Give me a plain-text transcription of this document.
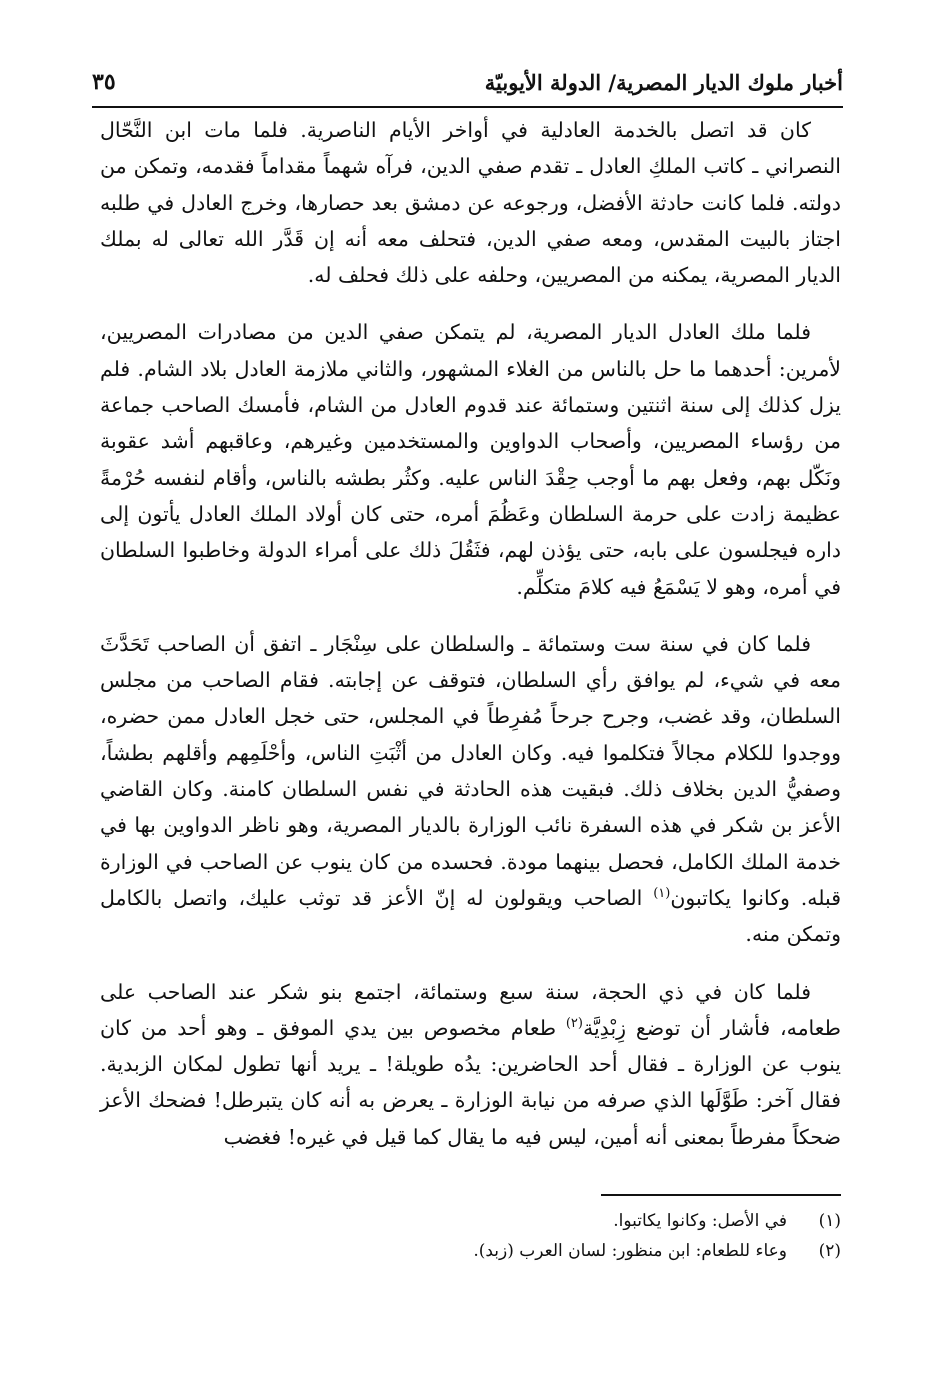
أخبار ملوك الديار المصرية/ الدولة الأيوبيّة
٣٥

كان قد اتصل بالخدمة العادلية في أواخر الأيام الناصرية. فلما مات ابن النَّحّال النصراني ـ كاتب الملكِ العادل ـ تقدم صفي الدين، فرآه شهماً مقداماً فقدمه، وتمكن من دولته. فلما كانت حادثة الأفضل، ورجوعه عن دمشق بعد حصارها، وخرج العادل في طلبه اجتاز بالبيت المقدس، ومعه صفي الدين، فتحلف معه أنه إن قَدَّر الله تعالى له بملك الديار المصرية، يمكنه من المصريين، وحلفه على ذلك فحلف له.

فلما ملك العادل الديار المصرية، لم يتمكن صفي الدين من مصادرات المصريين، لأمرين: أحدهما ما حل بالناس من الغلاء المشهور، والثاني ملازمة العادل بلاد الشام. فلم يزل كذلك إلى سنة اثنتين وستمائة عند قدوم العادل من الشام، فأمسك الصاحب جماعة من رؤساء المصريين، وأصحاب الدواوين والمستخدمين وغيرهم، وعاقبهم أشد عقوبة ونَكّل بهم، وفعل بهم ما أوجب حِقْدَ الناس عليه. وكثُر بطشه بالناس، وأقام لنفسه حُرْمةً عظيمة زادت على حرمة السلطان وعَظُمَ أمره، حتى كان أولاد الملك العادل يأتون إلى داره فيجلسون على بابه، حتى يؤذن لهم، فثَقُلَ ذلك على أمراء الدولة وخاطبوا السلطان في أمره، وهو لا يَسْمَعُ فيه كلامَ متكلِّم.

فلما كان في سنة ست وستمائة ـ والسلطان على سِنْجَار ـ اتفق أن الصاحب تَحَدَّثَ معه في شيء، لم يوافق رأي السلطان، فتوقف عن إجابته. فقام الصاحب من مجلس السلطان، وقد غضب، وجرح جرحاً مُفرِطاً في المجلس، حتى خجل العادل ممن حضره، ووجدوا للكلام مجالاً فتكلموا فيه. وكان العادل من أثْبَتِ الناس، وأحْلَمِهم وأقلهم بطشاً، وصفيُّ الدين بخلاف ذلك. فبقيت هذه الحادثة في نفس السلطان كامنة. وكان القاضي الأعز بن شكر في هذه السفرة نائب الوزارة بالديار المصرية، وهو ناظر الدواوين بها في خدمة الملك الكامل، فحصل بينهما مودة. فحسده من كان ينوب عن الصاحب في الوزارة قبله. وكانوا يكاتبون$^{(١)}$ الصاحب ويقولون له إنّ الأعز قد توثب عليك، واتصل بالكامل وتمكن منه.

فلما كان في ذي الحجة، سنة سبع وستمائة، اجتمع بنو شكر عند الصاحب على طعامه، فأشار أن توضع زِبْدِيَّة$^{(٢)}$ طعام مخصوص بين يدي الموفق ـ وهو أحد من كان ينوب عن الوزارة ـ فقال أحد الحاضرين: يدُه طويلة! ـ يريد أنها تطول لمكان الزبدية. فقال آخر: طَوَّلَها الذي صرفه من نيابة الوزارة ـ يعرض به أنه كان يتبرطل! فضحك الأعز ضحكاً مفرطاً بمعنى أنه أمين، ليس فيه ما يقال كما قيل في غيره! فغضب

(١)
في الأصل: وكانوا يكاتبوا.
(٢)
وعاء للطعام: ابن منظور: لسان العرب (زبد).
